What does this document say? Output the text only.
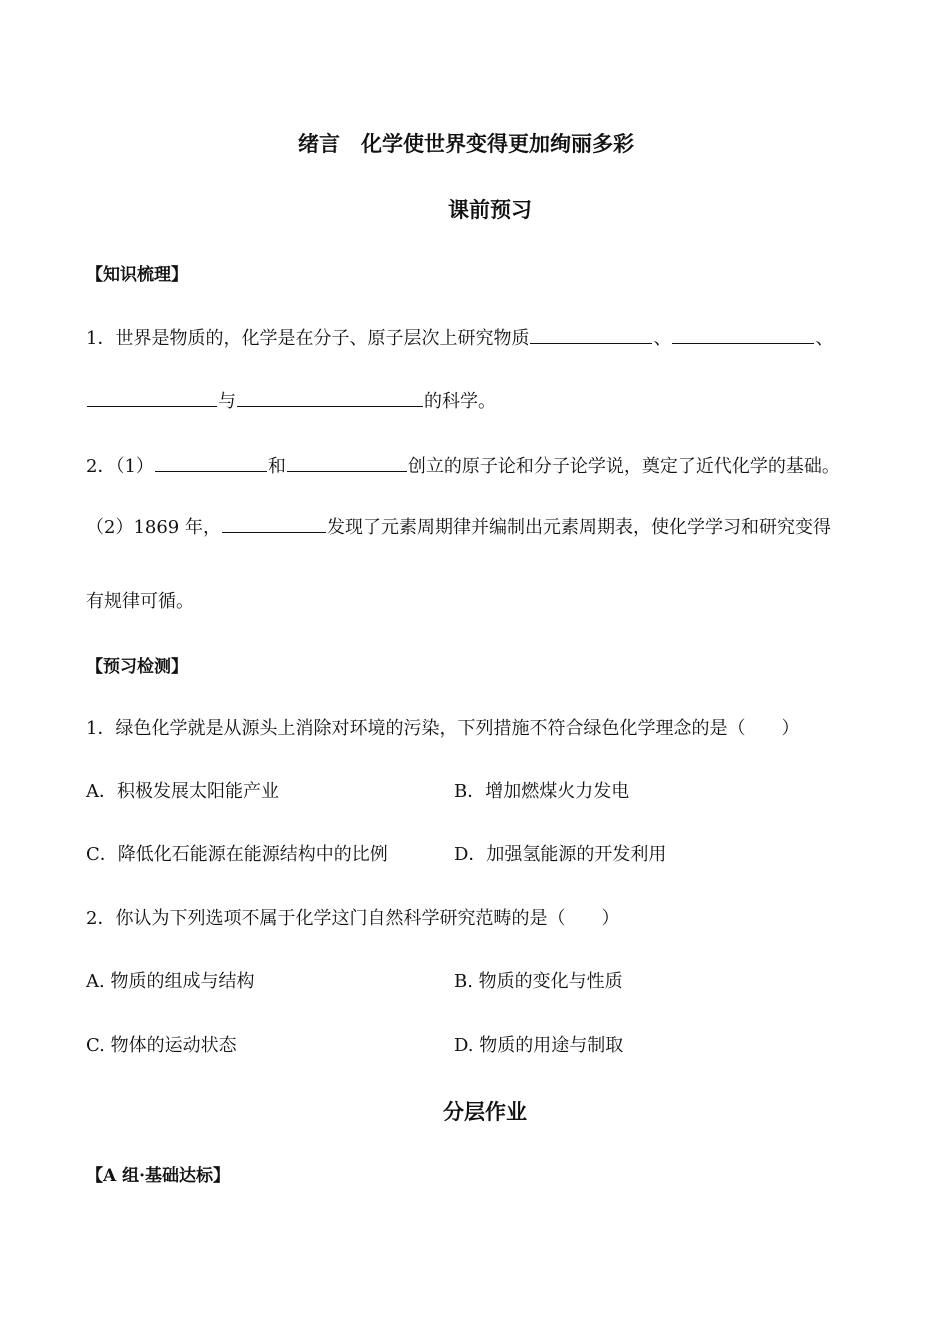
绪言　化学使世界变得更加绚丽多彩
课前预习
【知识梳理】
1．世界是物质的，化学是在分子、原子层次上研究物质	、	、
与	的科学。
2．（1）	和	创立的原子论和分子论学说，奠定了近代化学的基础。
（2）1869 年，	发现了元素周期律并编制出元素周期表，使化学学习和研究变得
有规律可循。
【预习检测】
1．绿色化学就是从源头上消除对环境的污染，下列措施不符合绿色化学理念的是（　　）
A．积极发展太阳能产业	B．增加燃煤火力发电
C．降低化石能源在能源结构中的比例	D．加强氢能源的开发利用
2．你认为下列选项不属于化学这门自然科学研究范畴的是（　　）
A. 物质的组成与结构	B. 物质的变化与性质
C. 物体的运动状态	D. 物质的用途与制取
分层作业
【A 组·基础达标】
